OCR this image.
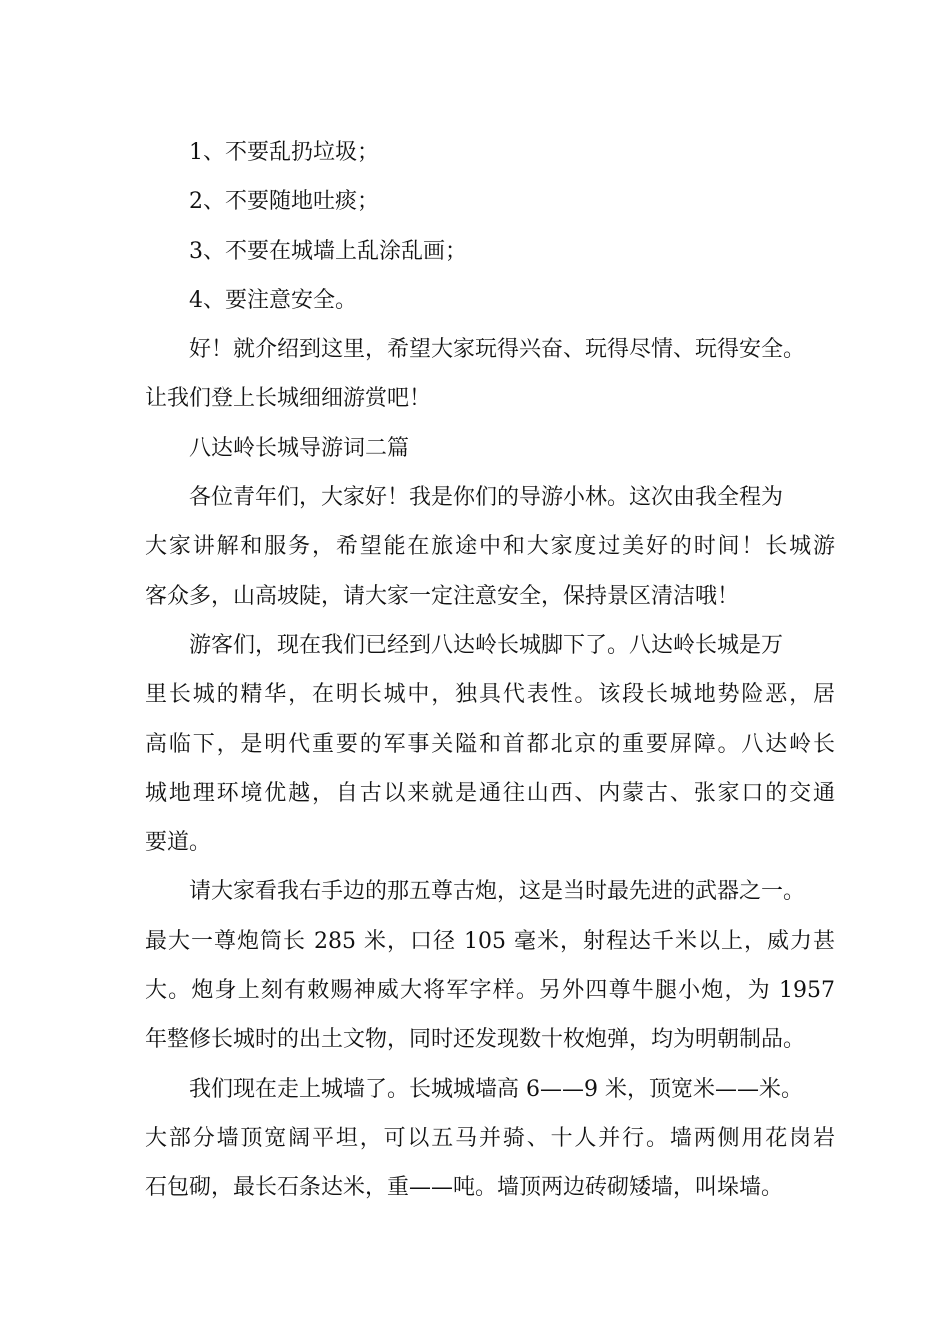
1、不要乱扔垃圾；
2、不要随地吐痰；
3、不要在城墙上乱涂乱画；
4、要注意安全。
好！就介绍到这里，希望大家玩得兴奋、玩得尽情、玩得安全。
让我们登上长城细细游赏吧！
八达岭长城导游词二篇
各位青年们，大家好！我是你们的导游小林。这次由我全程为
大家讲解和服务，希望能在旅途中和大家度过美好的时间！长城游
客众多，山高坡陡，请大家一定注意安全，保持景区清洁哦！
游客们，现在我们已经到八达岭长城脚下了。八达岭长城是万
里长城的精华，在明长城中，独具代表性。该段长城地势险恶，居
高临下，是明代重要的军事关隘和首都北京的重要屏障。八达岭长
城地理环境优越，自古以来就是通往山西、内蒙古、张家口的交通
要道。
请大家看我右手边的那五尊古炮，这是当时最先进的武器之一。
最大一尊炮筒长 285 米，口径 105 毫米，射程达千米以上，威力甚
大。炮身上刻有敕赐神威大将军字样。另外四尊牛腿小炮，为 1957
年整修长城时的出土文物，同时还发现数十枚炮弹，均为明朝制品。
我们现在走上城墙了。长城城墙高 6——9 米，顶宽米——米。
大部分墙顶宽阔平坦，可以五马并骑、十人并行。墙两侧用花岗岩
石包砌，最长石条达米，重——吨。墙顶两边砖砌矮墙，叫垛墙。
